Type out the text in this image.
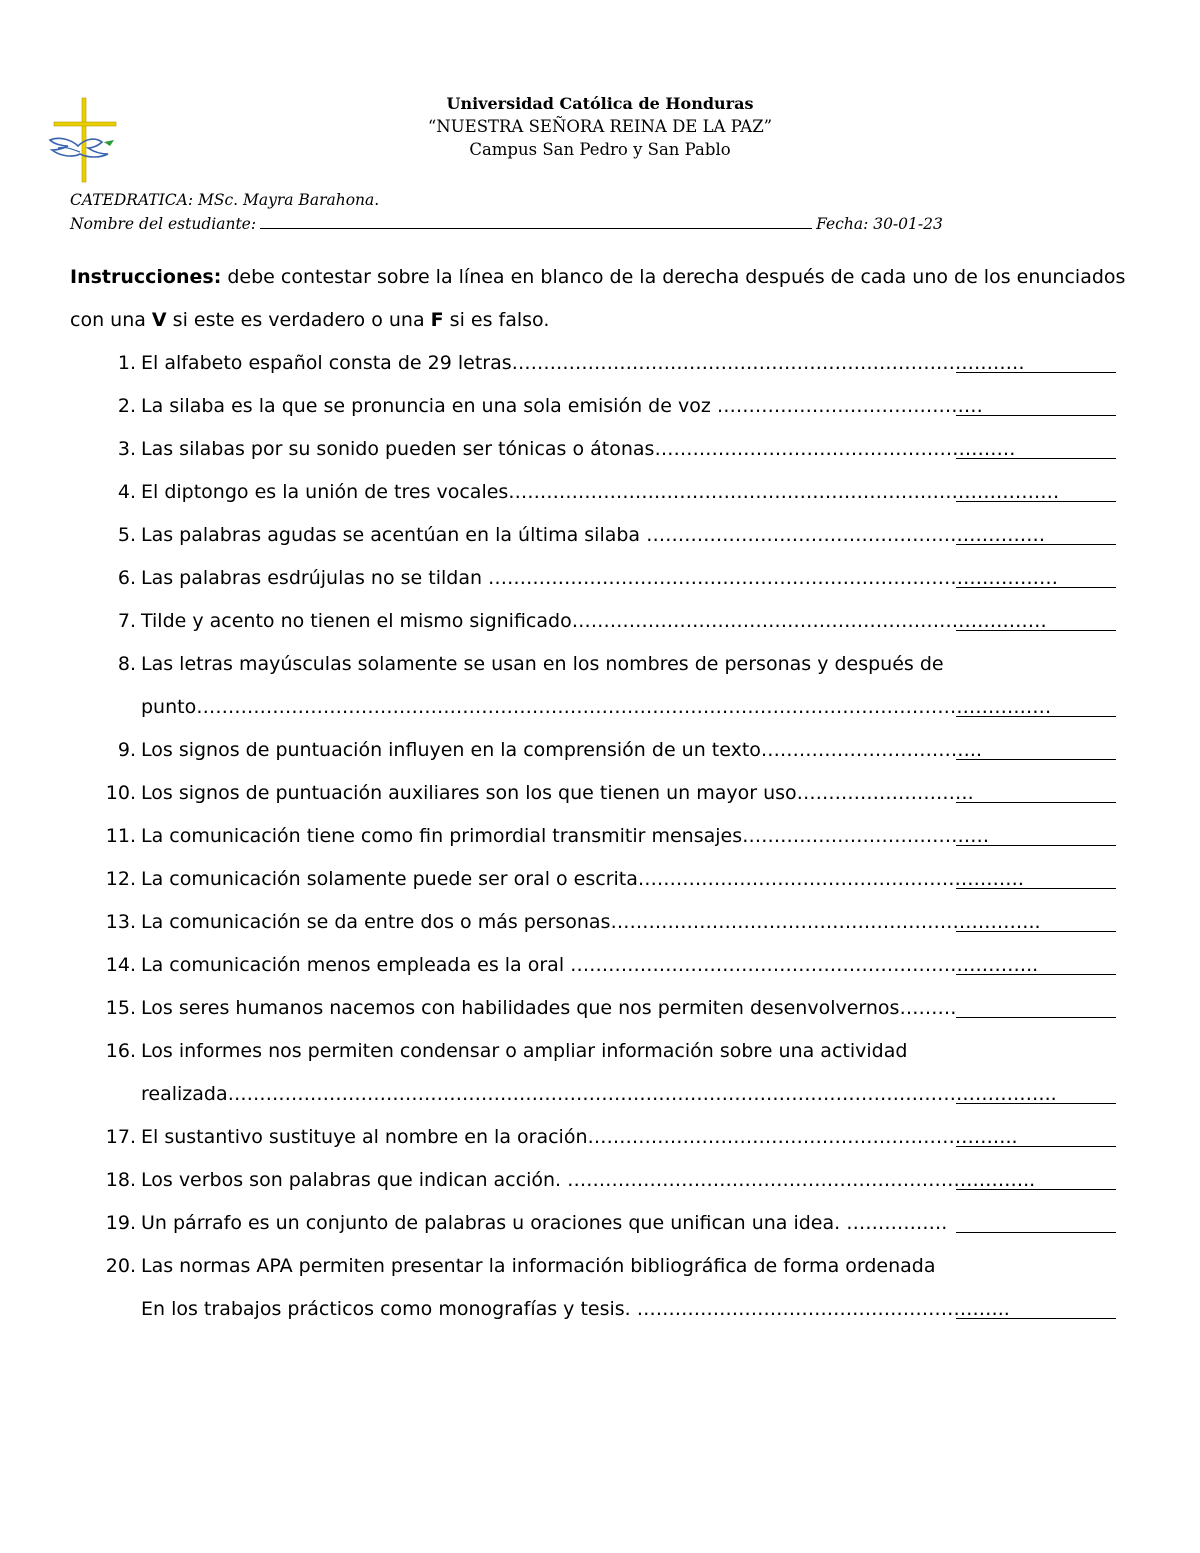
Universidad Católica de Honduras
“NUESTRA SEÑORA REINA DE LA PAZ”
Campus San Pedro y San Pablo
CATEDRATICA: MSc. Mayra Barahona.
Nombre del estudiante:	Fecha: 30-01-23
Instrucciones: debe contestar sobre la línea en blanco de la derecha después de cada uno de los enunciados
con una V si este es verdadero o una F si es falso.
1. El alfabeto español consta de 29 letras………………………………………………………………………
2. La silaba es la que se pronuncia en una sola emisión de voz ……………………………………
3. Las silabas por su sonido pueden ser tónicas o átonas…………………………………………………
4. El diptongo es la unión de tres vocales……………………………………………………………………………
5. Las palabras agudas se acentúan en la última silaba ………………………………………………………
6. Las palabras esdrújulas no se tildan ………………………………………………………………………………
7. Tilde y acento no tienen el mismo significado…………………………………………………………………
8. Las letras mayúsculas solamente se usan en los nombres de personas y después de
punto………………………………………………………………………………………………………………………
9. Los signos de puntuación influyen en la comprensión de un texto……………………………..
10. Los signos de puntuación auxiliares son los que tienen un mayor uso……………………….
11. La comunicación tiene como fin primordial transmitir mensajes…………………………………
12. La comunicación solamente puede ser oral o escrita…………………………………………………….
13. La comunicación se da entre dos o más personas…………………………………………………………..
14. La comunicación menos empleada es la oral ………………………………………………………………..
15. Los seres humanos nacemos con habilidades que nos permiten desenvolvernos………
16. Los informes nos permiten condensar o ampliar información sobre una actividad
realizada…………………………………………………………………………………………………………………..
17. El sustantivo sustituye al nombre en la oración…………………………………………………………..
18. Los verbos son palabras que indican acción. ………………………………………………………………..
19. Un párrafo es un conjunto de palabras u oraciones que unifican una idea. …………….
20. Las normas APA permiten presentar la información bibliográfica de forma ordenada
En los trabajos prácticos como monografías y tesis. …………………………………………………..
